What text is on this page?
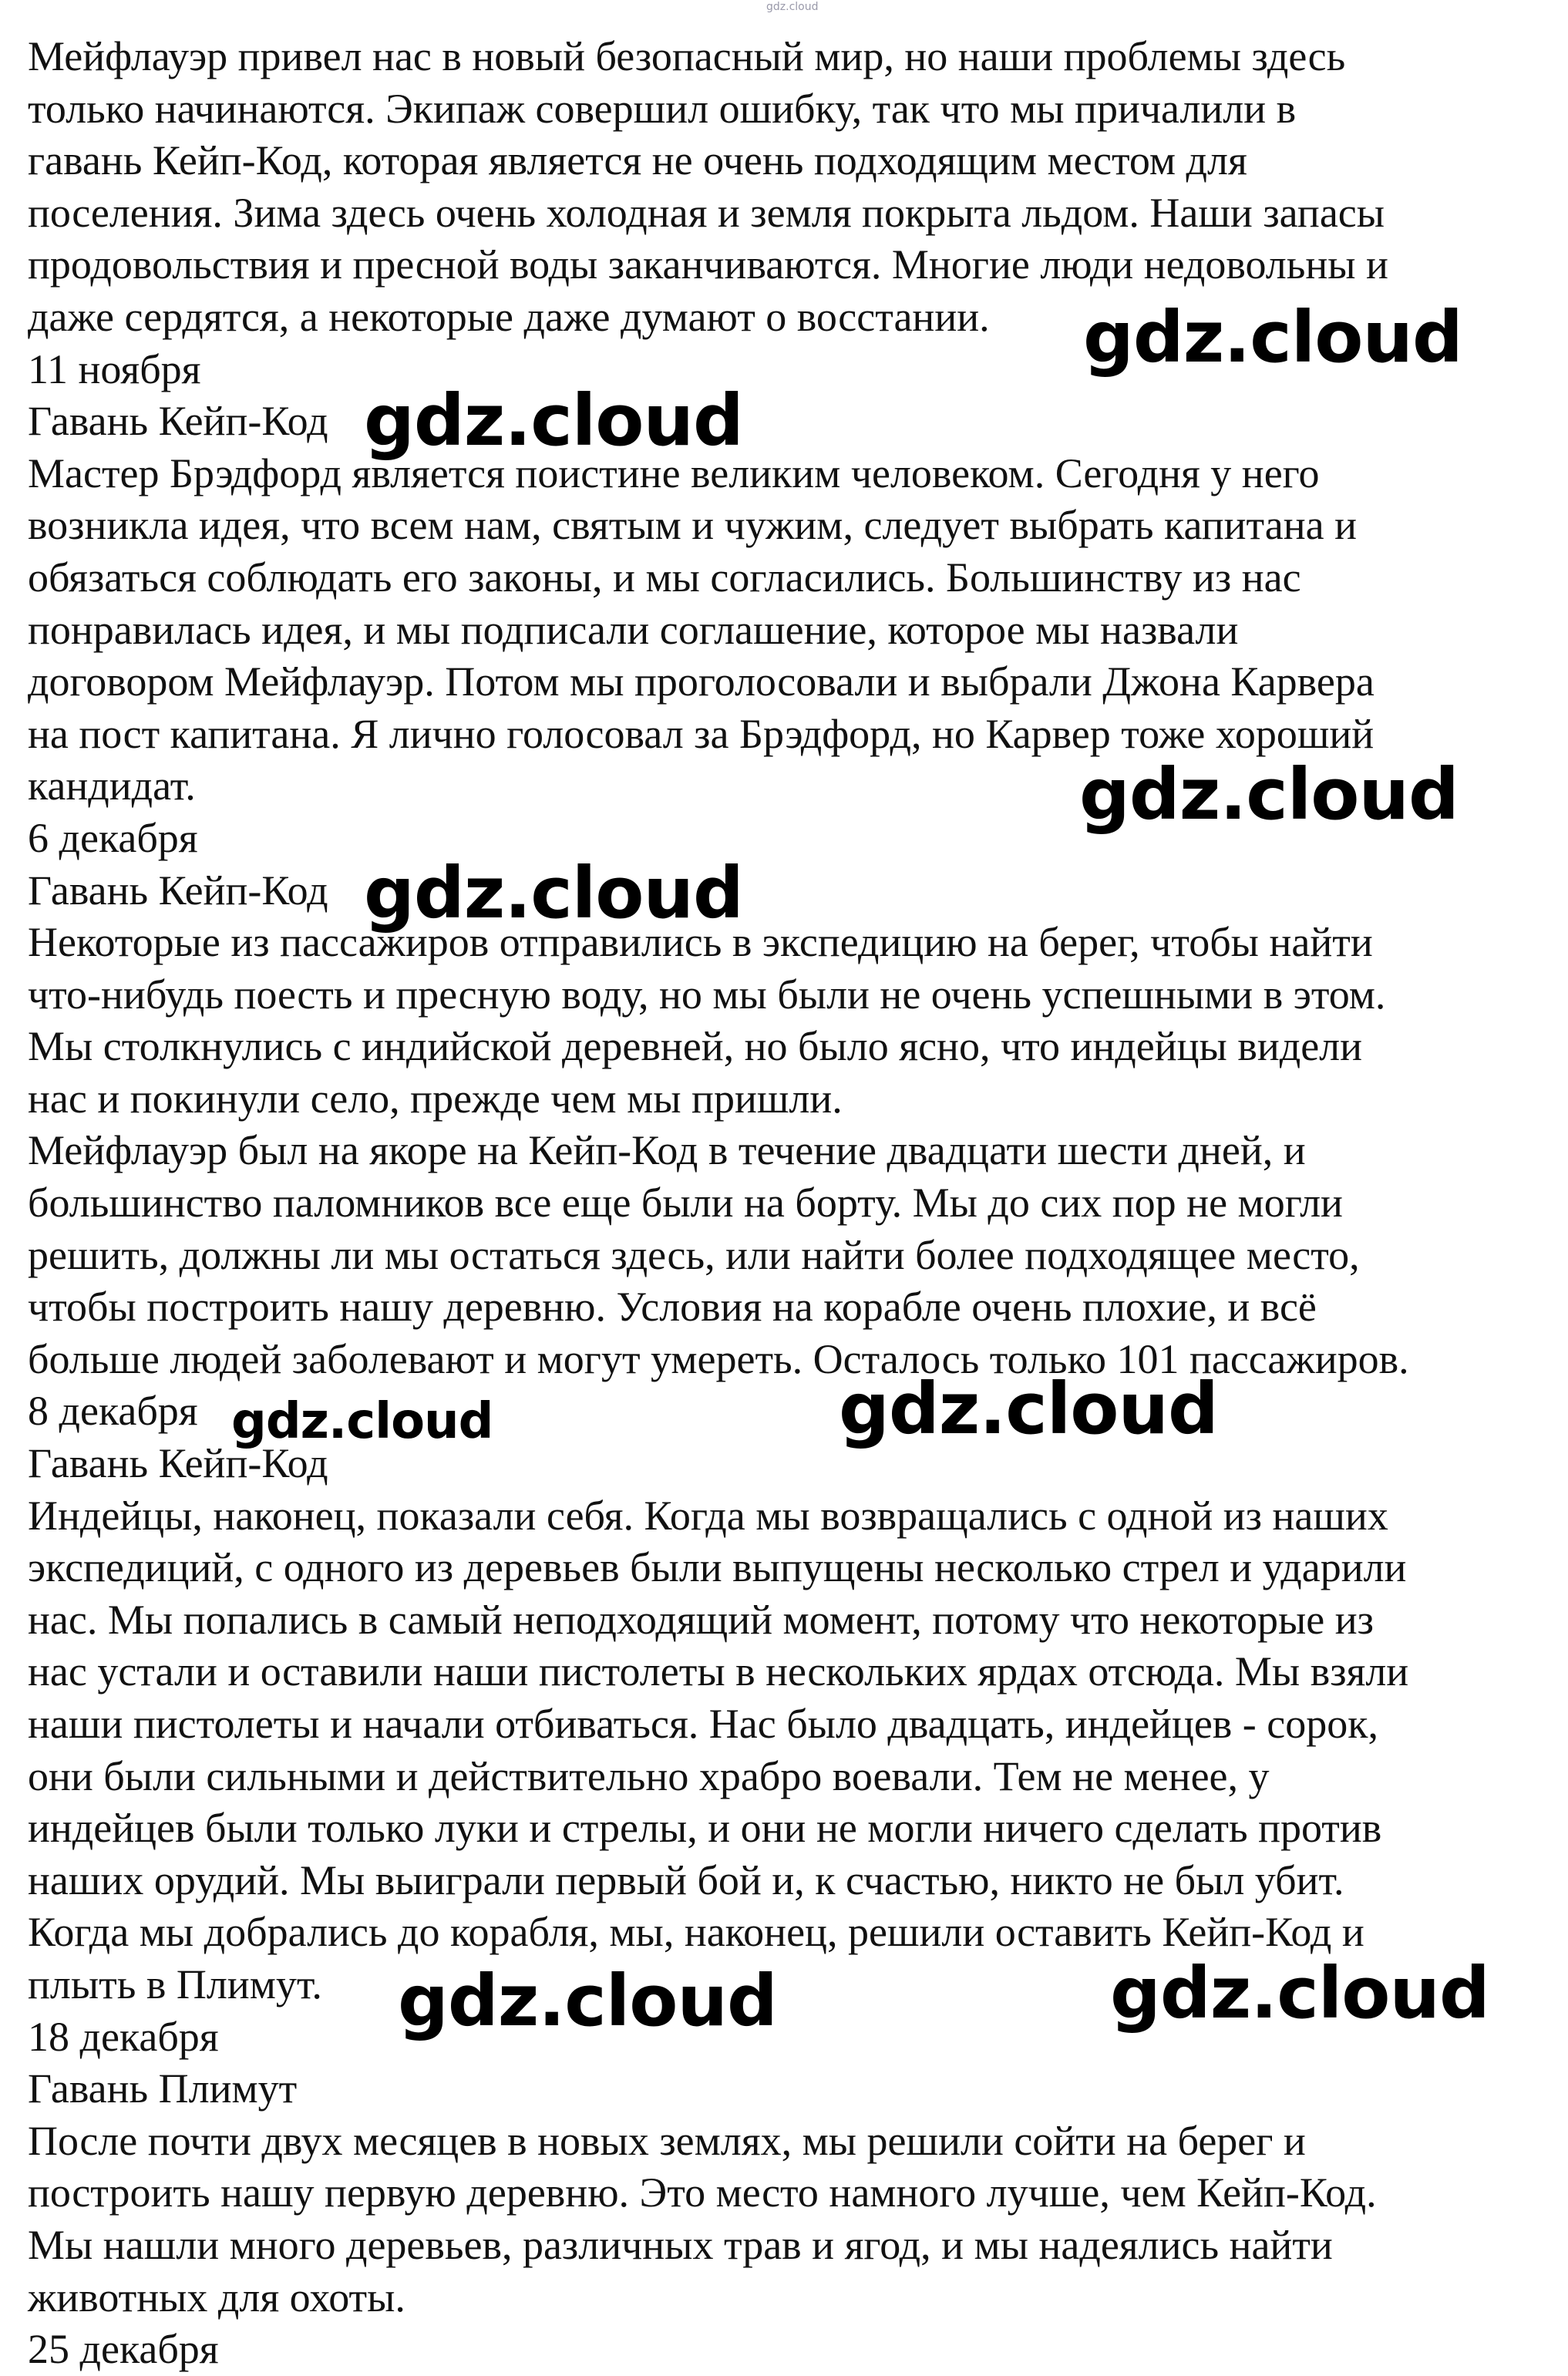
Мейфлауэр привел нас в новый безопасный мир, но наши проблемы здесь
только начинаются. Экипаж совершил ошибку, так что мы причалили в
гавань Кейп-Код, которая является не очень подходящим местом для
поселения. Зима здесь очень холодная и земля покрыта льдом. Наши запасы
продовольствия и пресной воды заканчиваются. Многие люди недовольны и
даже сердятся, а некоторые даже думают о восстании.
11 ноября
Гавань Кейп-Код
Мастер Брэдфорд является поистине великим человеком. Сегодня у него
возникла идея, что всем нам, святым и чужим, следует выбрать капитана и
обязаться соблюдать его законы, и мы согласились. Большинству из нас
понравилась идея, и мы подписали соглашение, которое мы назвали
договором Мейфлауэр. Потом мы проголосовали и выбрали Джона Карвера
на пост капитана. Я лично голосовал за Брэдфорд, но Карвер тоже хороший
кандидат.
6 декабря
Гавань Кейп-Код
Некоторые из пассажиров отправились в экспедицию на берег, чтобы найти
что-нибудь поесть и пресную воду, но мы были не очень успешными в этом.
Мы столкнулись с индийской деревней, но было ясно, что индейцы видели
нас и покинули село, прежде чем мы пришли.
Мейфлауэр был на якоре на Кейп-Код в течение двадцати шести дней, и
большинство паломников все еще были на борту. Мы до сих пор не могли
решить, должны ли мы остаться здесь, или найти более подходящее место,
чтобы построить нашу деревню. Условия на корабле очень плохие, и всё
больше людей заболевают и могут умереть. Осталось только 101 пассажиров.
8 декабря
Гавань Кейп-Код
Индейцы, наконец, показали себя. Когда мы возвращались с одной из наших
экспедиций, с одного из деревьев были выпущены несколько стрел и ударили
нас. Мы попались в самый неподходящий момент, потому что некоторые из
нас устали и оставили наши пистолеты в нескольких ярдах отсюда. Мы взяли
наши пистолеты и начали отбиваться. Нас было двадцать, индейцев - сорок,
они были сильными и действительно храбро воевали. Тем не менее, у
индейцев были только луки и стрелы, и они не могли ничего сделать против
наших орудий. Мы выиграли первый бой и, к счастью, никто не был убит.
Когда мы добрались до корабля, мы, наконец, решили оставить Кейп-Код и
плыть в Плимут.
18 декабря
Гавань Плимут
После почти двух месяцев в новых землях, мы решили сойти на берег и
построить нашу первую деревню. Это место намного лучше, чем Кейп-Код.
Мы нашли много деревьев, различных трав и ягод, и мы надеялись найти
животных для охоты.
25 декабря
gdz.cloud
gdz.cloud
gdz.cloud
gdz.cloud
gdz.cloud
gdz.cloud	gdz.cloud
gdz.cloud	gdz.cloud
